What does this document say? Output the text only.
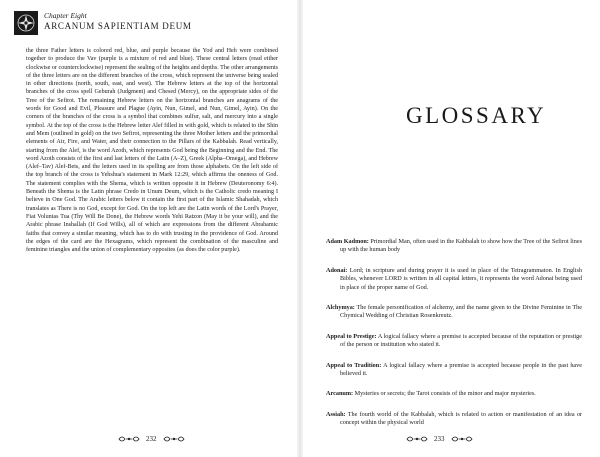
Chapter Eight
ARCANUM SAPIENTIAM DEUM

the three Father letters is colored red, blue, and purple because the Yod and Heh were combined together to produce the Vav (purple is a mixture of red and blue). These central letters (read either clockwise or counterclockwise) represent the sealing of the heights and depths. The other arrangements of the three letters are on the different branches of the cross, which represent the universe being sealed in other directions (north, south, east, and west). The Hebrew letters at the top of the horizontal branches of the cross spell Geburah (Judgment) and Chesed (Mercy), on the appropriate sides of the Tree of the Sefirot. The remaining Hebrew letters on the horizontal branches are anagrams of the words for Good and Evil, Pleasure and Plague (Ayin, Nun, Gimel, and Nun, Gimel, Ayin). On the corners of the branches of the cross is a symbol that combines sulfur, salt, and mercury into a single symbol. At the top of the cross is the Hebrew letter Alef filled in with gold, which is related to the Shin and Mem (outlined in gold) on the two Sefirot, representing the three Mother letters and the primordial elements of Air, Fire, and Water, and their connection to the Pillars of the Kabbalah. Read vertically, starting from the Alef, is the word Azoth, which represents God being the Beginning and the End. The word Azoth consists of the first and last letters of the Latin (A–Z), Greek (Alpha–Omega), and Hebrew (Alef–Tav) Alef-Bets, and the letters used in its spelling are from those alphabets. On the left side of the top branch of the cross is Yehshua's statement in Mark 12:29, which affirms the oneness of God. The statement complies with the Shema, which is written opposite it in Hebrew (Deuteronomy 6:4). Beneath the Shema is the Latin phrase Credo in Unum Deum, which is the Catholic credo meaning I believe in One God. The Arabic letters below it contain the first part of the Islamic Shahadah, which translates as There is no God, except for God. On the top left are the Latin words of the Lord's Prayer, Fiat Voluntas Tua (Thy Will Be Done), the Hebrew words Yehi Ratzon (May it be your will), and the Arabic phrase Inshallah (If God Wills), all of which are expressions from the different Abrahamic faiths that convey a similar meaning, which has to do with trusting in the providence of God. Around the edges of the card are the Hexagrams, which represent the combination of the masculine and feminine triangles and the union of complementary opposites (as does the color purple).

232
GLOSSARY
Adam Kadmon: Primordial Man, often used in the Kabbalah to show how the Tree of the Sefirot lines up with the human body
Adonai: Lord; in scripture and during prayer it is used in place of the Tetragrammaton. In English Bibles, whenever LORD is written in all capital letters, it represents the word Adonai being used in place of the proper name of God.
Alchymya: The female personification of alchemy, and the name given to the Divine Feminine in The Chymical Wedding of Christian Rosenkreutz.
Appeal to Prestige: A logical fallacy where a premise is accepted because of the reputation or prestige of the person or institution who stated it.
Appeal to Tradition: A logical fallacy where a premise is accepted because people in the past have believed it.
Arcanum: Mysteries or secrets; the Tarot consists of the minor and major mysteries.
Assiah: The fourth world of the Kabbalah, which is related to action or manifestation of an idea or concept within the physical world
233
